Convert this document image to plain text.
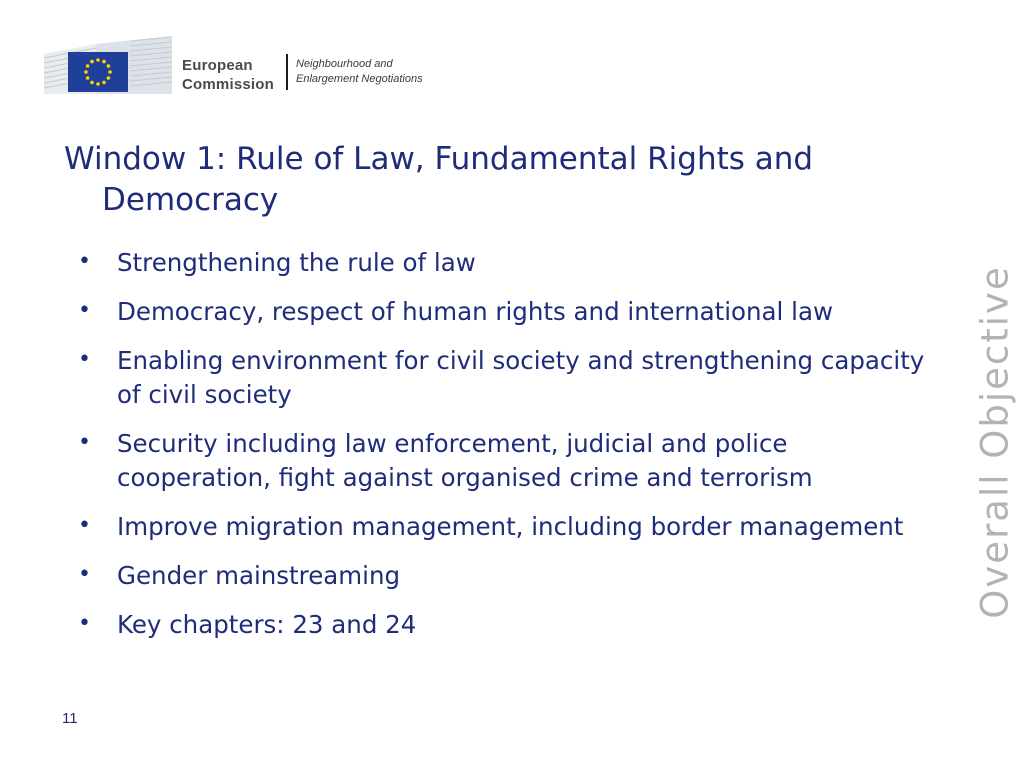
European
Commission
Neighbourhood and
Enlargement Negotiations
Window 1: Rule of Law, Fundamental Rights and Democracy
• Strengthening the rule of law
• Democracy, respect of human rights and international law
• Enabling environment for civil society and strengthening capacity of civil society
• Security including law enforcement, judicial and police cooperation, fight against organised crime and terrorism
• Improve migration management, including border management
• Gender mainstreaming
• Key chapters: 23 and 24
Overall Objective
11
